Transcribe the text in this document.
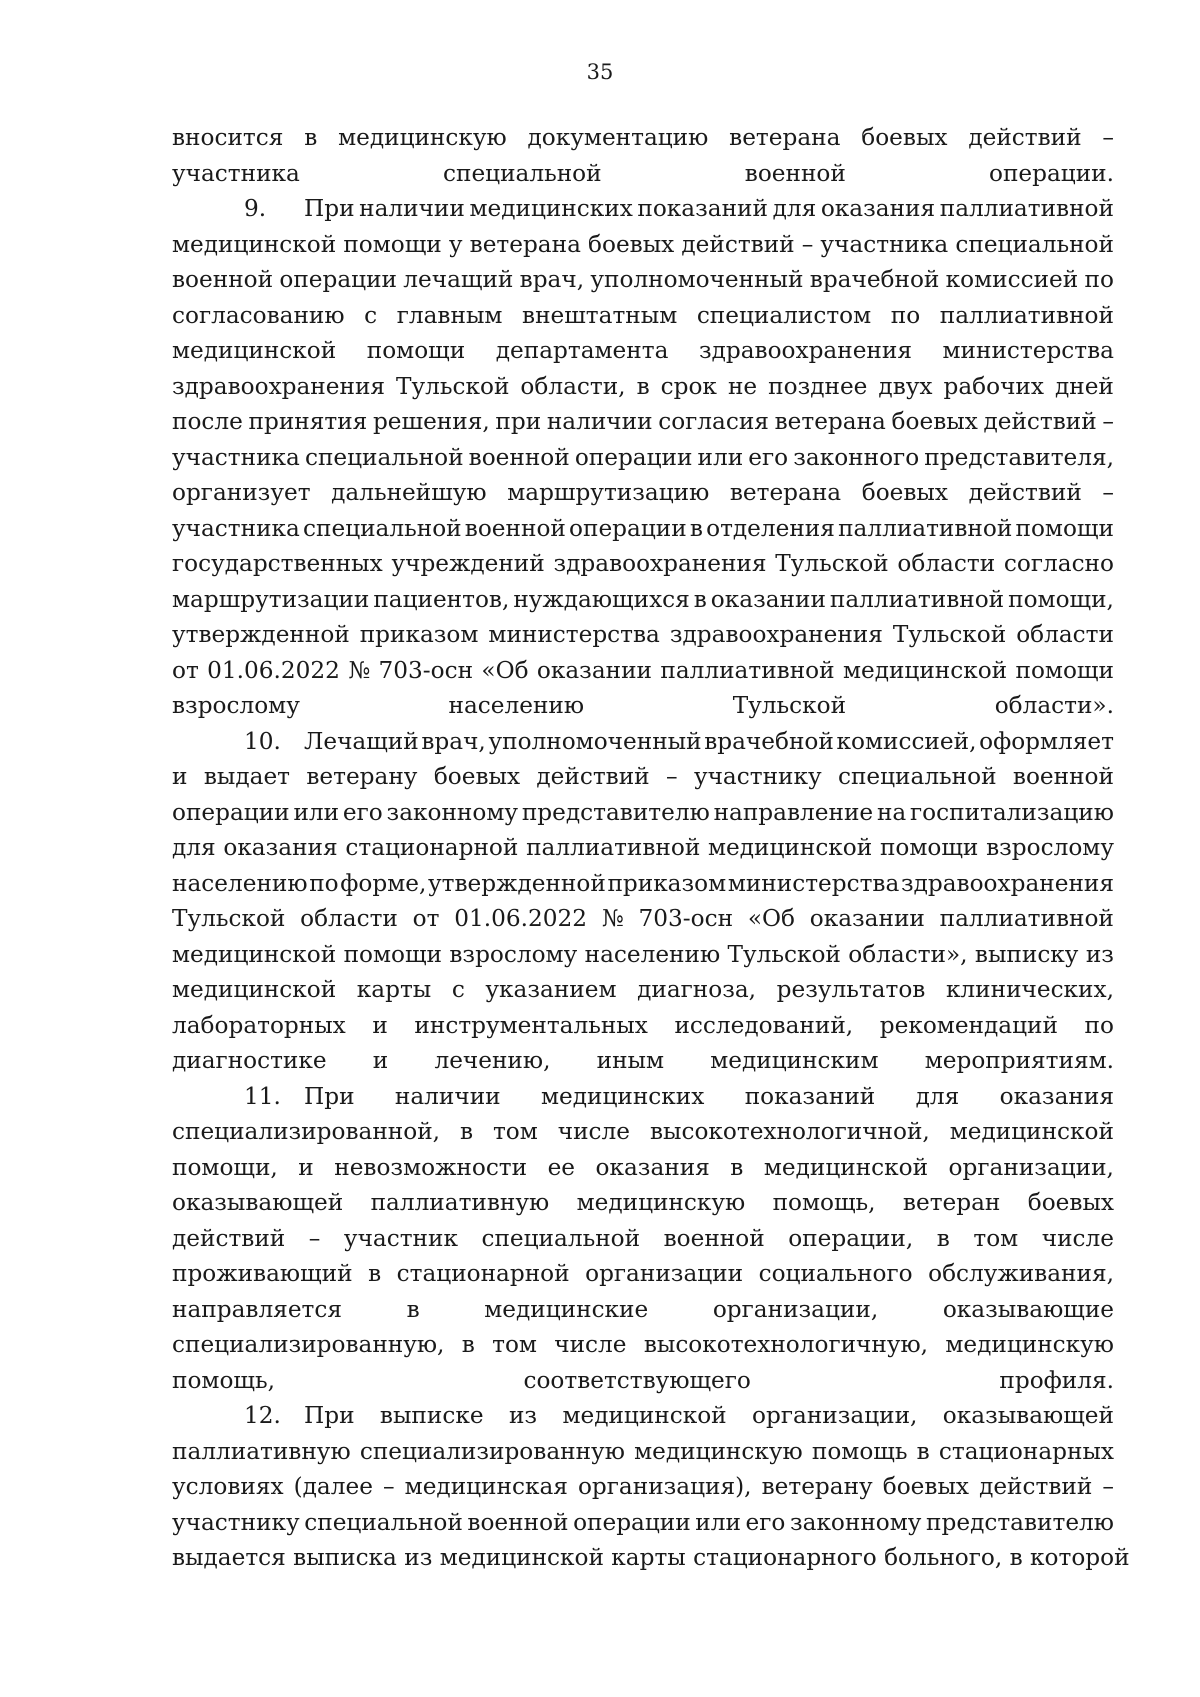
35
вносится в медицинскую документацию ветерана боевых действий –
участника специальной военной операции.
9.	При наличии медицинских показаний для оказания паллиативной
медицинской помощи у ветерана боевых действий – участника специальной
военной операции лечащий врач, уполномоченный врачебной комиссией по
согласованию с главным внештатным специалистом по паллиативной
медицинской помощи департамента здравоохранения министерства
здравоохранения Тульской области, в срок не позднее двух рабочих дней
после принятия решения, при наличии согласия ветерана боевых действий –
участника специальной военной операции или его законного представителя,
организует дальнейшую маршрутизацию ветерана боевых действий –
участника специальной военной операции в отделения паллиативной помощи
государственных учреждений здравоохранения Тульской области согласно
маршрутизации пациентов, нуждающихся в оказании паллиативной помощи,
утвержденной приказом министерства здравоохранения Тульской области
от 01.06.2022 № 703-осн «Об оказании паллиативной медицинской помощи
взрослому населению Тульской области».
10. Лечащий врач, уполномоченный врачебной комиссией, оформляет
и выдает ветерану боевых действий – участнику специальной военной
операции или его законному представителю направление на госпитализацию
для оказания стационарной паллиативной медицинской помощи взрослому
населению по форме, утвержденной приказом министерства здравоохранения
Тульской области от 01.06.2022 № 703-осн «Об оказании паллиативной
медицинской помощи взрослому населению Тульской области», выписку из
медицинской карты с указанием диагноза, результатов клинических,
лабораторных и инструментальных исследований, рекомендаций по
диагностике и лечению, иным медицинским мероприятиям.
11. При наличии медицинских показаний для оказания
специализированной, в том числе высокотехнологичной, медицинской
помощи, и невозможности ее оказания в медицинской организации,
оказывающей паллиативную медицинскую помощь, ветеран боевых
действий – участник специальной военной операции, в том числе
проживающий в стационарной организации социального обслуживания,
направляется	в	медицинские	организации,	оказывающие
специализированную, в том числе высокотехнологичную, медицинскую
помощь, соответствующего профиля.
12. При выписке из медицинской организации, оказывающей
паллиативную специализированную медицинскую помощь в стационарных
условиях (далее – медицинская организация), ветерану боевых действий –
участнику специальной военной операции или его законному представителю
выдается выписка из медицинской карты стационарного больного, в которой
